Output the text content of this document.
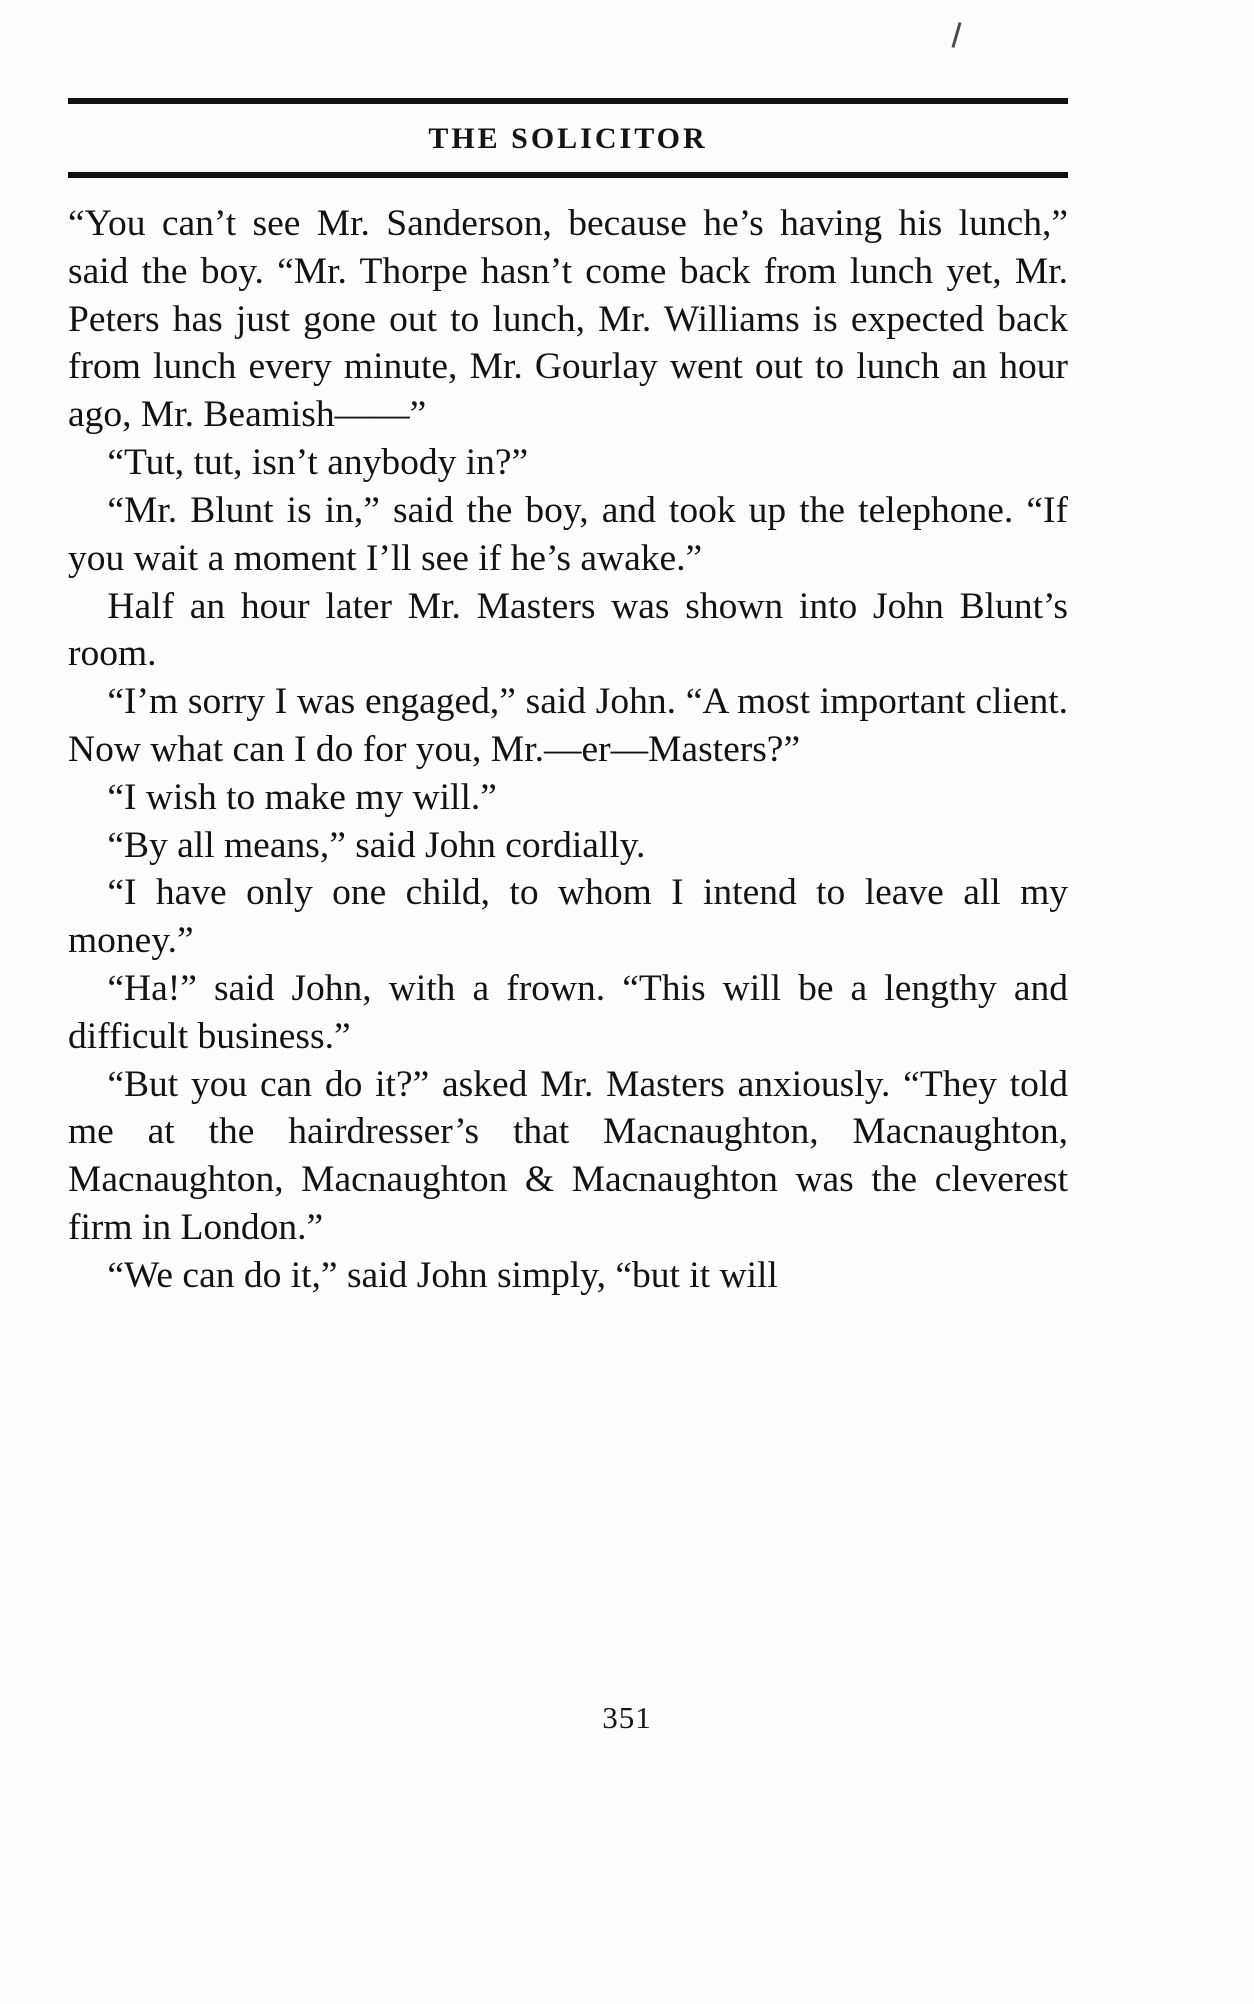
THE SOLICITOR

“You can’t see Mr. Sanderson, because he’s having his lunch,” said the boy. “Mr. Thorpe hasn’t come back from lunch yet, Mr. Peters has just gone out to lunch, Mr. Williams is expected back from lunch every minute, Mr. Gourlay went out to lunch an hour ago, Mr. Beamish——”

“Tut, tut, isn’t anybody in?”

“Mr. Blunt is in,” said the boy, and took up the telephone. “If you wait a moment I’ll see if he’s awake.”

Half an hour later Mr. Masters was shown into John Blunt’s room.

“I’m sorry I was engaged,” said John. “A most important client. Now what can I do for you, Mr.—er—Masters?”

“I wish to make my will.”

“By all means,” said John cordially.

“I have only one child, to whom I intend to leave all my money.”

“Ha!” said John, with a frown. “This will be a lengthy and difficult business.”

“But you can do it?” asked Mr. Masters anxiously. “They told me at the hairdresser’s that Macnaughton, Macnaughton, Macnaughton, Macnaughton & Macnaughton was the cleverest firm in London.”

“We can do it,” said John simply, “but it will

351
